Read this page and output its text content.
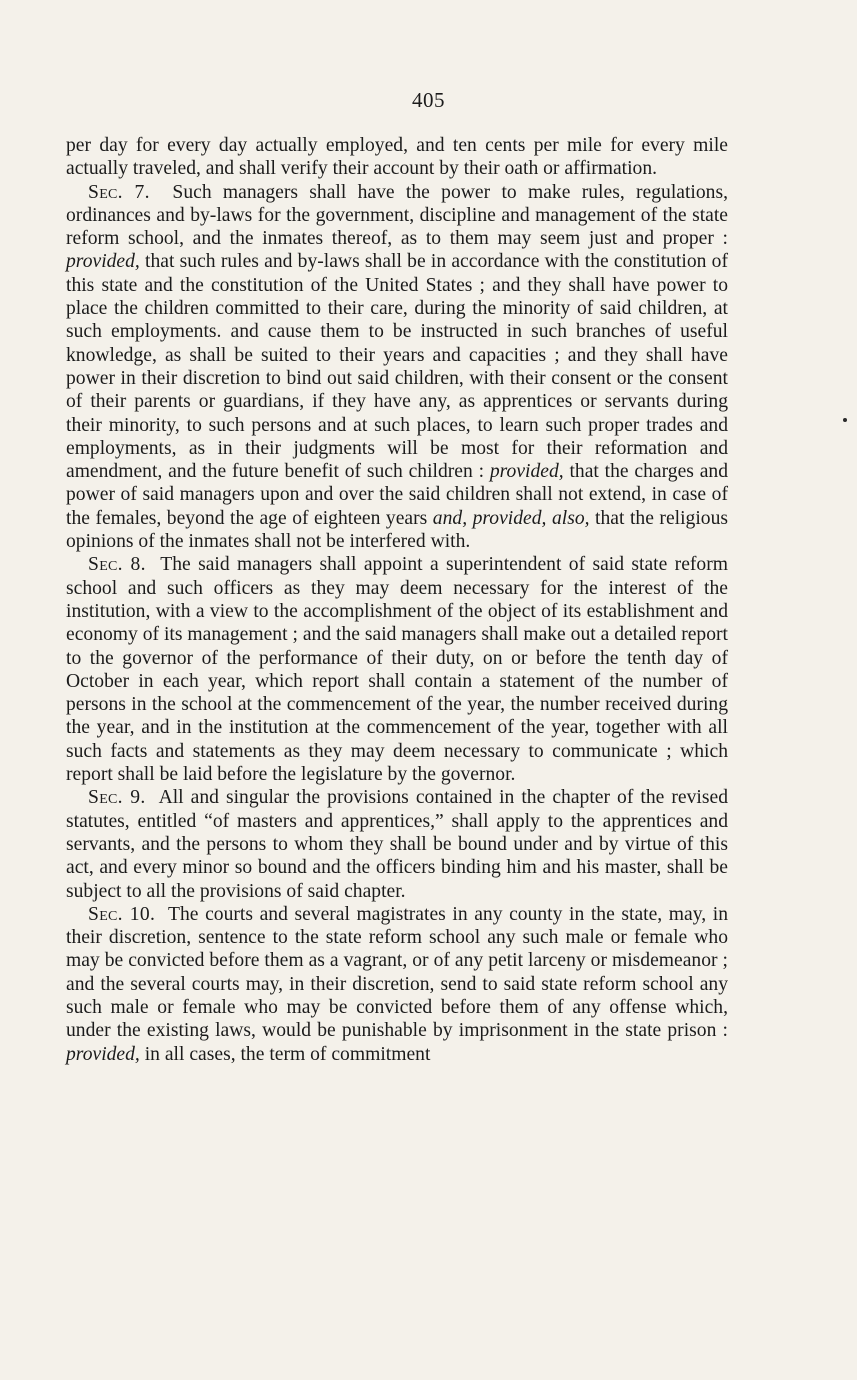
405

per day for every day actually employed, and ten cents per mile for every mile actually traveled, and shall verify their account by their oath or affirmation.

Sec. 7. Such managers shall have the power to make rules, regulations, ordinances and by-laws for the government, discipline and management of the state reform school, and the inmates thereof, as to them may seem just and proper : provided, that such rules and by-laws shall be in accordance with the constitution of this state and the constitution of the United States ; and they shall have power to place the children committed to their care, during the minority of said children, at such employments. and cause them to be instructed in such branches of useful knowledge, as shall be suited to their years and capacities ; and they shall have power in their discretion to bind out said children, with their consent or the consent of their parents or guardians, if they have any, as apprentices or servants during their minority, to such persons and at such places, to learn such proper trades and employments, as in their judgments will be most for their reformation and amendment, and the future benefit of such children : provided, that the charges and power of said managers upon and over the said children shall not extend, in case of the females, beyond the age of eighteen years and, provided, also, that the religious opinions of the inmates shall not be interfered with.

Sec. 8. The said managers shall appoint a superintendent of said state reform school and such officers as they may deem necessary for the interest of the institution, with a view to the accomplishment of the object of its establishment and economy of its management ; and the said managers shall make out a detailed report to the governor of the performance of their duty, on or before the tenth day of October in each year, which report shall contain a statement of the number of persons in the school at the commencement of the year, the number received during the year, and in the institution at the commencement of the year, together with all such facts and statements as they may deem necessary to communicate ; which report shall be laid before the legislature by the governor.

Sec. 9. All and singular the provisions contained in the chapter of the revised statutes, entitled “of masters and apprentices,” shall apply to the apprentices and servants, and the persons to whom they shall be bound under and by virtue of this act, and every minor so bound and the officers binding him and his master, shall be subject to all the provisions of said chapter.

Sec. 10. The courts and several magistrates in any county in the state, may, in their discretion, sentence to the state reform school any such male or female who may be convicted before them as a vagrant, or of any petit larceny or misdemeanor ; and the several courts may, in their discretion, send to said state reform school any such male or female who may be convicted before them of any offense which, under the existing laws, would be punishable by imprisonment in the state prison : provided, in all cases, the term of commitment
